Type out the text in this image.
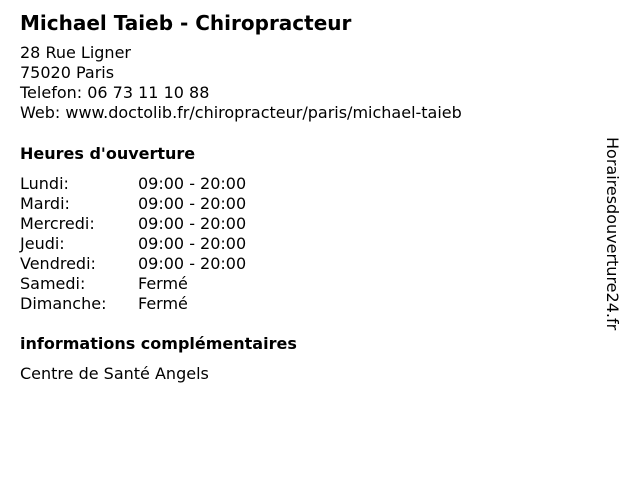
Michael Taieb - Chiropracteur
28 Rue Ligner
75020 Paris
Telefon: 06 73 11 10 88
Web: www.doctolib.fr/chiropracteur/paris/michael-taieb
Heures d'ouverture
Lundi:	09:00 - 20:00
Mardi:	09:00 - 20:00
Mercredi:	09:00 - 20:00
Jeudi:	09:00 - 20:00
Vendredi:	09:00 - 20:00
Samedi:	Fermé
Dimanche:	Fermé
informations complémentaires
Centre de Santé Angels
Horairesdouverture24.fr
